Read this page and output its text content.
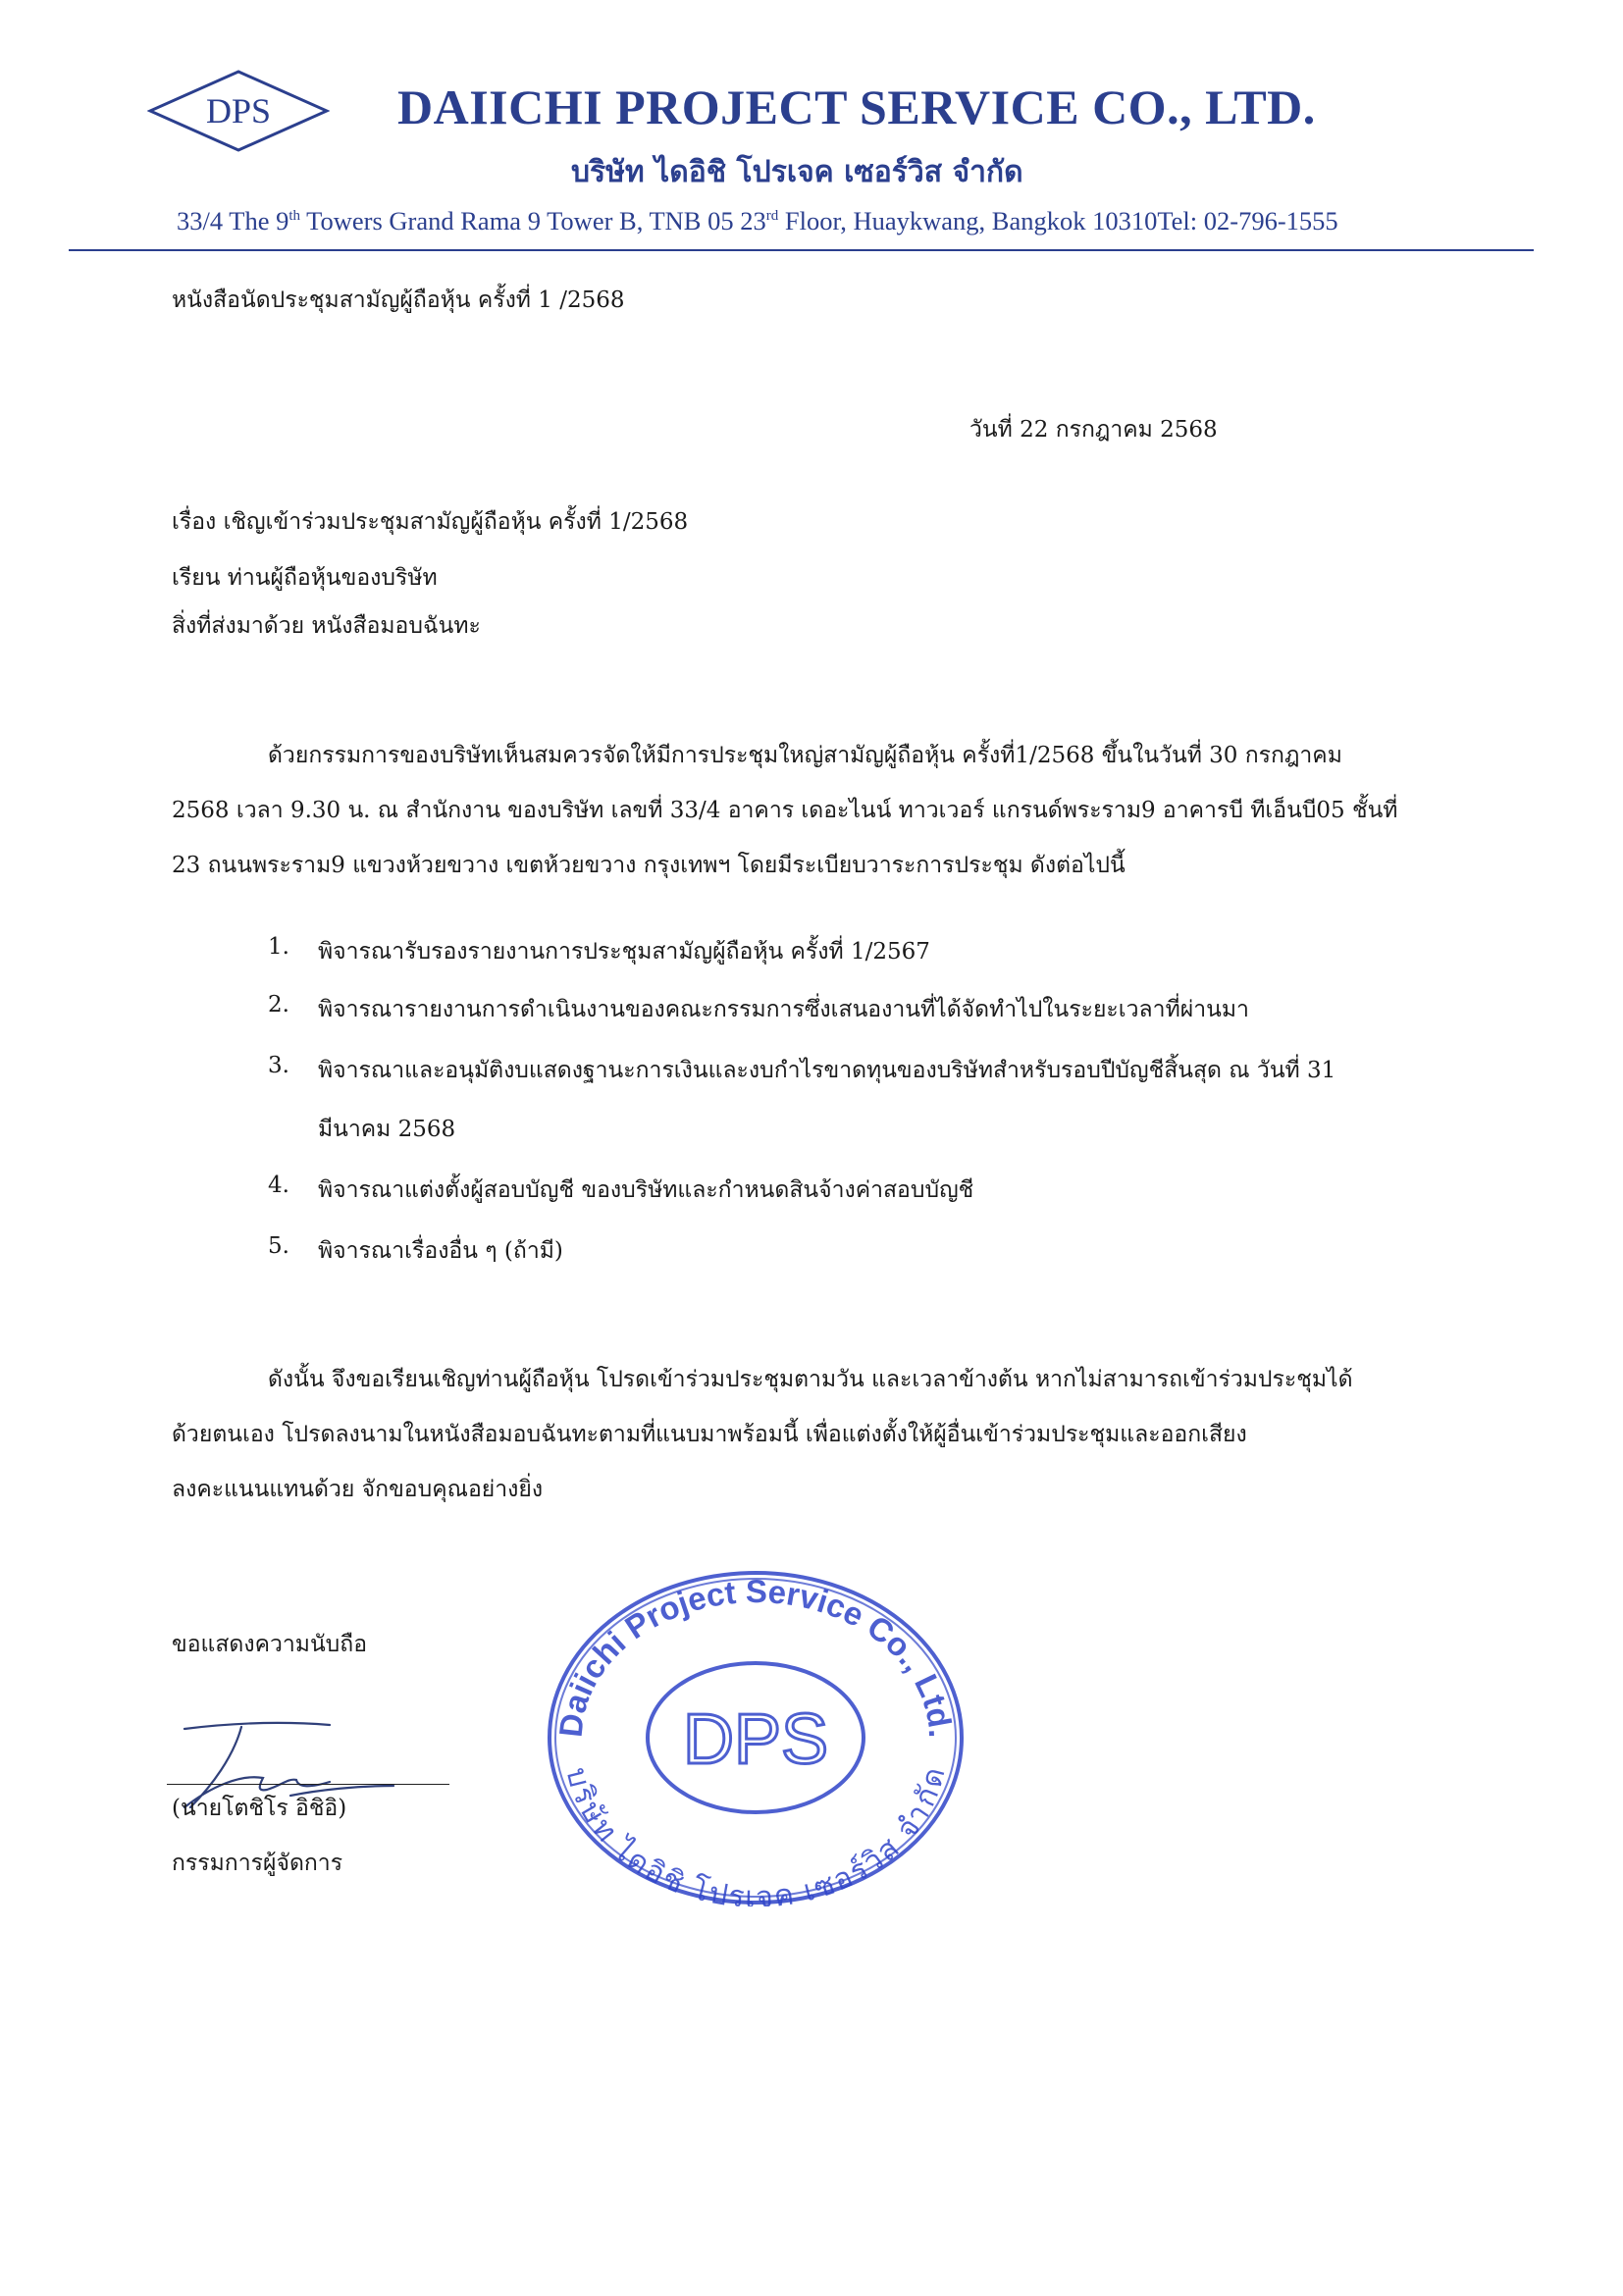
DPS	DAIICHI PROJECT SERVICE CO., LTD.
บริษัท ไดอิชิ โปรเจค เซอร์วิส จำกัด
33/4 The 9th Towers Grand Rama 9 Tower B, TNB 05 23rd Floor, Huaykwang, Bangkok 10310Tel: 02-796-1555
หนังสือนัดประชุมสามัญผู้ถือหุ้น ครั้งที่ 1 /2568
วันที่ 22 กรกฎาคม 2568
เรื่อง เชิญเข้าร่วมประชุมสามัญผู้ถือหุ้น ครั้งที่ 1/2568
เรียน ท่านผู้ถือหุ้นของบริษัท
สิ่งที่ส่งมาด้วย หนังสือมอบฉันทะ
ด้วยกรรมการของบริษัทเห็นสมควรจัดให้มีการประชุมใหญ่สามัญผู้ถือหุ้น ครั้งที่1/2568 ขึ้นในวันที่ 30 กรกฎาคม
2568 เวลา 9.30 น. ณ สำนักงาน ของบริษัท เลขที่ 33/4 อาคาร เดอะไนน์ ทาวเวอร์ แกรนด์พระราม9 อาคารบี ทีเอ็นบี05 ชั้นที่
23 ถนนพระราม9 แขวงห้วยขวาง เขตห้วยขวาง กรุงเทพฯ โดยมีระเบียบวาระการประชุม ดังต่อไปนี้
1. พิจารณารับรองรายงานการประชุมสามัญผู้ถือหุ้น ครั้งที่ 1/2567
2. พิจารณารายงานการดำเนินงานของคณะกรรมการซึ่งเสนองานที่ได้จัดทำไปในระยะเวลาที่ผ่านมา
3. พิจารณาและอนุมัติงบแสดงฐานะการเงินและงบกำไรขาดทุนของบริษัทสำหรับรอบปีบัญชีสิ้นสุด ณ วันที่ 31
มีนาคม 2568
4. พิจารณาแต่งตั้งผู้สอบบัญชี ของบริษัทและกำหนดสินจ้างค่าสอบบัญชี
5. พิจารณาเรื่องอื่น ๆ (ถ้ามี)
ดังนั้น จึงขอเรียนเชิญท่านผู้ถือหุ้น โปรดเข้าร่วมประชุมตามวัน และเวลาข้างต้น หากไม่สามารถเข้าร่วมประชุมได้
ด้วยตนเอง โปรดลงนามในหนังสือมอบฉันทะตามที่แนบมาพร้อมนี้ เพื่อแต่งตั้งให้ผู้อื่นเข้าร่วมประชุมและออกเสียง
ลงคะแนนแทนด้วย จักขอบคุณอย่างยิ่ง
ขอแสดงความนับถือ
(นายโตชิโร อิชิอิ)
กรรมการผู้จัดการ
Daiichi Project Service Co., Ltd.
DPS
บริษัท ไดอิชิ โปรเจค เซอร์วิส จำกัด
